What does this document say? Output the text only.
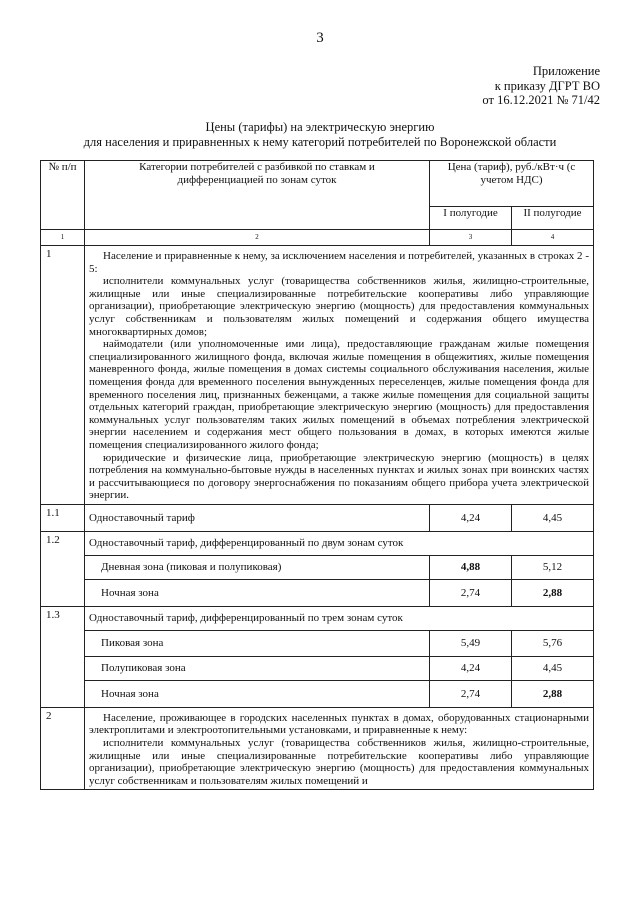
3
Приложение
к приказу ДГРТ ВО
от 16.12.2021 № 71/42
Цены (тарифы) на электрическую энергию
для населения и приравненных к нему категорий потребителей по Воронежской области
№ п/п	Категории потребителей с разбивкой по ставкам и дифференциацией по зонам суток	Цена (тариф), руб./кВт·ч (с учетом НДС)	
		I полугодие	II полугодие
1	2	3	4
1	Население и приравненные к нему, за исключением населения и потребителей, указанных в строках 2 - 5:

исполнители коммунальных услуг (товарищества собственников жилья, жилищно-строительные, жилищные или иные специализированные потребительские кооперативы либо управляющие организации), приобретающие электрическую энергию (мощность) для предоставления коммунальных услуг собственникам и пользователям жилых помещений и содержания общего имущества многоквартирных домов;

наймодатели (или уполномоченные ими лица), предоставляющие гражданам жилые помещения специализированного жилищного фонда, включая жилые помещения в общежитиях, жилые помещения маневренного фонда, жилые помещения в домах системы социального обслуживания населения, жилые помещения фонда для временного поселения вынужденных переселенцев, жилые помещения фонда для временного поселения лиц, признанных беженцами, а также жилые помещения для социальной защиты отдельных категорий граждан, приобретающие электрическую энергию (мощность) для предоставления коммунальных услуг пользователям таких жилых помещений в объемах потребления электрической энергии населением и содержания мест общего пользования в домах, в которых имеются жилые помещения специализированного жилого фонда;

юридические и физические лица, приобретающие электрическую энергию (мощность) в целях потребления на коммунально-бытовые нужды в населенных пунктах и жилых зонах при воинских частях и рассчитывающиеся по договору энергоснабжения по показаниям общего прибора учета электрической энергии.		

1.1	Одноставочный тариф	4,24	4,45
1.2	Одноставочный тариф, дифференцированный по двум зонам суток		
	Дневная зона (пиковая и полупиковая)	4,88	5,12
	Ночная зона	2,74	2,88
1.3	Одноставочный тариф, дифференцированный по трем зонам суток		
	Пиковая зона	5,49	5,76
	Полупиковая зона	4,24	4,45
	Ночная зона	2,74	2,88
2	Население, проживающее в городских населенных пунктах в домах, оборудованных стационарными электроплитами и электроотопительными установками, и приравненные к нему:

исполнители коммунальных услуг (товарищества собственников жилья, жилищно-строительные, жилищные или иные специализированные потребительские кооперативы либо управляющие организации), приобретающие электрическую энергию (мощность) для предоставления коммунальных услуг собственникам и пользователям жилых помещений и		
